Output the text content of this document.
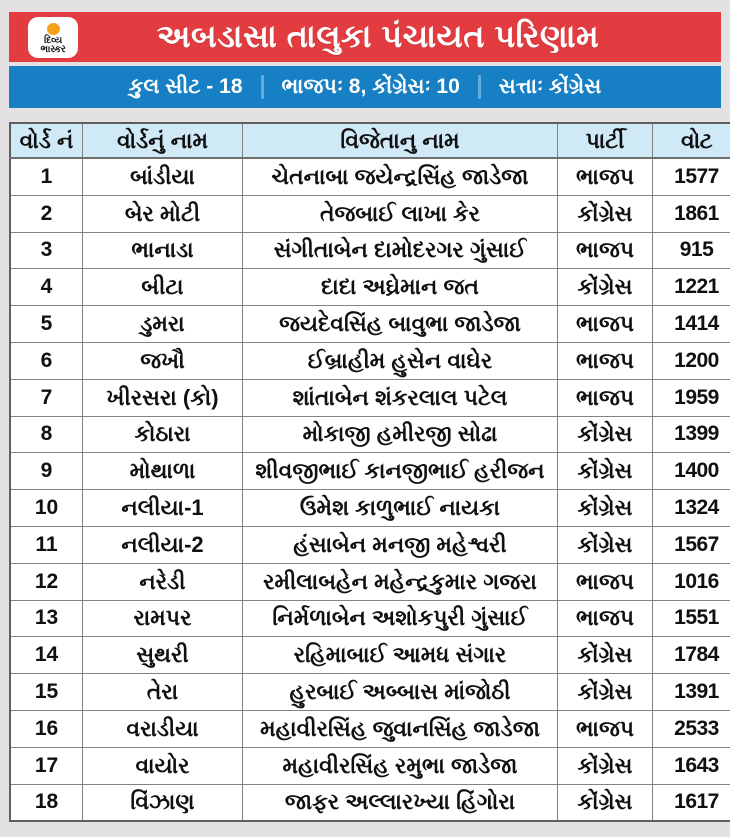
દિવ્ય
ભાસ્કર	અબડાસા તાલુકા પંચાયત પરિણામ
કુલ સીટ - 18 ભાજપઃ 8, કોંગ્રેસઃ 10 સત્તાઃ કોંગ્રેસ
વોર્ડ નં	વોર્ડનું નામ	વિજેતાનુ નામ	પાર્ટી	વોટ
1	બાંડીયા	ચેતનાબા જયેન્દ્રસિંહ જાડેજા	ભાજપ	1577
2	બેર મોટી	તેજબાઈ લાખા કેર	કોંગ્રેસ	1861
3	ભાનાડા	સંગીતાબેન દામોદરગર ગુંસાઈ	ભાજપ	915
4	બીટા	દાદા અઘ્રેમાન જત	કોંગ્રેસ	1221
5	ડુમરા	જયદેવસિંહ બાવુભા જાડેજા	ભાજપ	1414
6	જખૌ	ઈબ્રાહીમ હુસેન વાઘેર	ભાજપ	1200
7	ખીરસરા (કો)	શાંતાબેન શંકરલાલ પટેલ	ભાજપ	1959
8	કોઠારા	મોકાજી હમીરજી સોઢા	કોંગ્રેસ	1399
9	મોથાળા	શીવજીભાઈ કાનજીભાઈ હરીજન	કોંગ્રેસ	1400
10	નલીયા-1	ઉમેશ કાળુભાઈ નાયકા	કોંગ્રેસ	1324
11	નલીયા-2	હંસાબેન મનજી મહેશ્વરી	કોંગ્રેસ	1567
12	નરેડી	રમીલાબહેન મહેન્દ્રકુમાર ગજરા	ભાજપ	1016
13	રામપર	નિર્મળાબેન અશોકપુરી ગુંસાઈ	ભાજપ	1551
14	સુથરી	રહિમાબાઈ આમધ સંગાર	કોંગ્રેસ	1784
15	તેરા	હુરબાઈ અબ્બાસ માંજોઠી	કોંગ્રેસ	1391
16	વરાડીયા	મહાવીરસિંહ જુવાનસિંહ જાડેજા	ભાજપ	2533
17	વાયોર	મહાવીરસિંહ રમુભા જાડેજા	કોંગ્રેસ	1643
18	વિંઝાણ	જાફર અલ્લારખ્યા હિંગોરા	કોંગ્રેસ	1617
